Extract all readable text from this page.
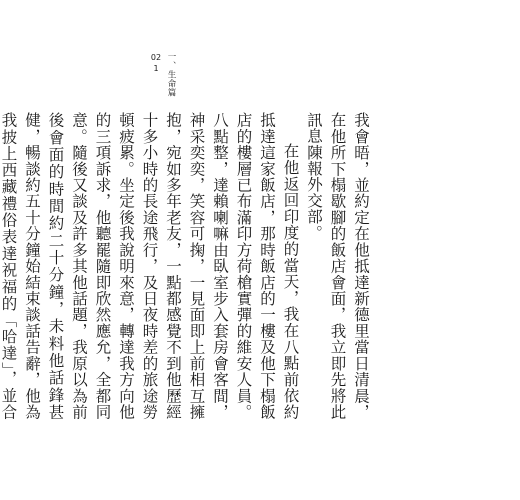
021 一、生命篇

我會晤，並約定在他抵達新德里當日清晨，在他所下榻歇腳的飯店會面，我立即先將此訊息陳報外交部。

在他返回印度的當天，我在八點前依約抵達這家飯店，那時飯店的一樓及他下榻飯店的樓層已布滿印方荷槍實彈的維安人員。八點整，達賴喇嘛由臥室步入套房會客間，神采奕奕，笑容可掬，一見面即上前相互擁抱，宛如多年老友，一點都感覺不到他歷經十多小時的長途飛行，及日夜時差的旅途勞頓疲累。坐定後我說明來意，轉達我方向他的三項訴求，他聽罷隨即欣然應允，全都同意。隨後又談及許多其他話題，我原以為前後會面的時間約二十分鐘，未料他話鋒甚健，暢談約五十分鐘始結束談話告辭，他為我披上西藏禮俗表達祝福的「哈達」，並合
